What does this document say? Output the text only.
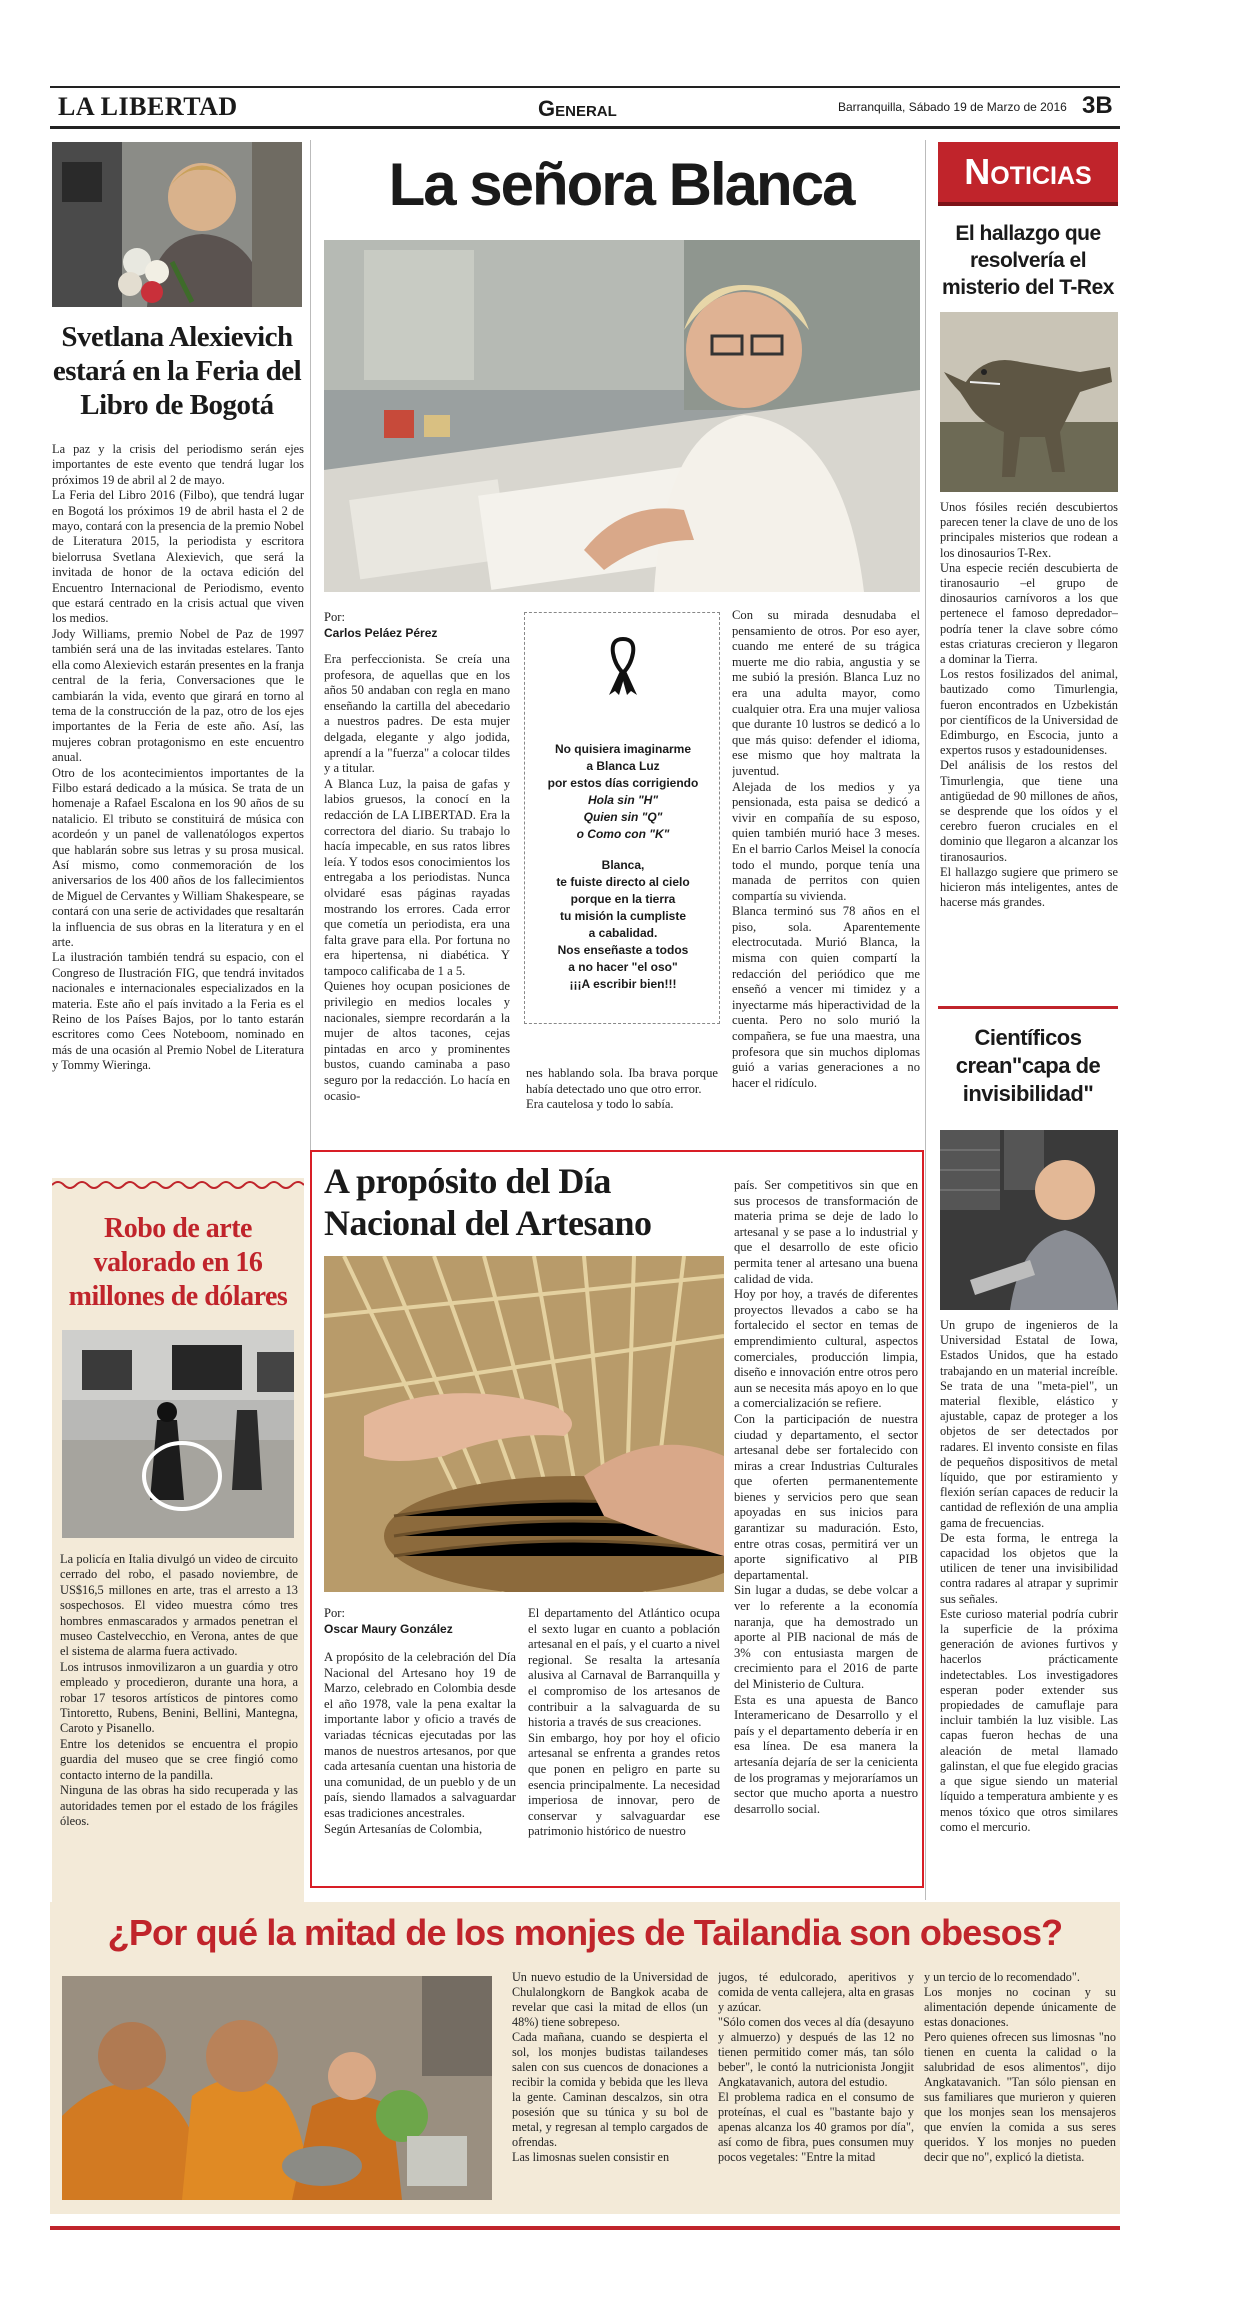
LA LIBERTAD	General	Barranquilla, Sábado 19 de Marzo de 2016 3B
Svetlana Alexievich estará en la Feria del Libro de Bogotá
La paz y la crisis del periodismo serán ejes importantes de este evento que tendrá lugar los próximos 19 de abril al 2 de mayo.
La Feria del Libro 2016 (Filbo), que tendrá lugar en Bogotá los próximos 19 de abril hasta el 2 de mayo, contará con la presencia de la premio Nobel de Literatura 2015, la periodista y escritora bielorrusa Svetlana Alexievich, que será la invitada de honor de la octava edición del Encuentro Internacional de Periodismo, evento que estará centrado en la crisis actual que viven los medios.
Jody Williams, premio Nobel de Paz de 1997 también será una de las invitadas estelares. Tanto ella como Alexievich estarán presentes en la franja central de la feria, Conversaciones que le cambiarán la vida, evento que girará en torno al tema de la construcción de la paz, otro de los ejes importantes de la Feria de este año. Así, las mujeres cobran protagonismo en este encuentro anual.
Otro de los acontecimientos importantes de la Filbo estará dedicado a la música. Se trata de un homenaje a Rafael Escalona en los 90 años de su natalicio. El tributo se constituirá de música con acordeón y un panel de vallenatólogos expertos que hablarán sobre sus letras y su prosa musical. Así mismo, como conmemoración de los aniversarios de los 400 años de los fallecimientos de Miguel de Cervantes y William Shakespeare, se contará con una serie de actividades que resaltarán la influencia de sus obras en la literatura y en el arte.
La ilustración también tendrá su espacio, con el Congreso de Ilustración FIG, que tendrá invitados nacionales e internacionales especializados en la materia. Este año el país invitado a la Feria es el Reino de los Países Bajos, por lo tanto estarán escritores como Cees Noteboom, nominado en más de una ocasión al Premio Nobel de Literatura y Tommy Wieringa.
Robo de arte valorado en 16 millones de dólares
La policía en Italia divulgó un video de circuito cerrado del robo, el pasado noviembre, de US$16,5 millones en arte, tras el arresto a 13 sospechosos. El video muestra cómo tres hombres enmascarados y armados penetran el museo Castelvecchio, en Verona, antes de que el sistema de alarma fuera activado.
Los intrusos inmovilizaron a un guardia y otro empleado y procedieron, durante una hora, a robar 17 tesoros artísticos de pintores como Tintoretto, Rubens, Benini, Bellini, Mantegna, Caroto y Pisanello.
Entre los detenidos se encuentra el propio guardia del museo que se cree fingió como contacto interno de la pandilla.
Ninguna de las obras ha sido recuperada y las autoridades temen por el estado de los frágiles óleos.
La señora Blanca
Por:
Carlos Peláez Pérez
Era perfeccionista. Se creía una profesora, de aquellas que en los años 50 andaban con regla en mano enseñando la cartilla del abecedario a nuestros padres. De esta mujer delgada, elegante y algo jodida, aprendí a la "fuerza" a colocar tildes y a titular.
A Blanca Luz, la paisa de gafas y labios gruesos, la conocí en la redacción de LA LIBERTAD. Era la correctora del diario. Su trabajo lo hacía impecable, en sus ratos libres leía. Y todos esos conocimientos los entregaba a los periodistas. Nunca olvidaré esas páginas rayadas mostrando los errores. Cada error que cometía un periodista, era una falta grave para ella. Por fortuna no era hipertensa, ni diabética. Y tampoco calificaba de 1 a 5.
Quienes hoy ocupan posiciones de privilegio en medios locales y nacionales, siempre recordarán a la mujer de altos tacones, cejas pintadas en arco y prominentes bustos, cuando caminaba a paso seguro por la redacción. Lo hacía en ocasio-
No quisiera imaginarme
a Blanca Luz
por estos días corrigiendo
Hola sin "H"
Quien sin "Q"
o Como con "K"
Blanca,
te fuiste directo al cielo
porque en la tierra
tu misión la cumpliste
a cabalidad.
Nos enseñaste a todos
a no hacer "el oso"
¡¡¡A escribir bien!!!
nes hablando sola. Iba brava porque había detectado uno que otro error.
Era cautelosa y todo lo sabía.
Con su mirada desnudaba el pensamiento de otros. Por eso ayer, cuando me enteré de su trágica muerte me dio rabia, angustia y se me subió la presión. Blanca Luz no era una adulta mayor, como cualquier otra. Era una mujer valiosa que durante 10 lustros se dedicó a lo que más quiso: defender el idioma, ese mismo que hoy maltrata la juventud.
Alejada de los medios y ya pensionada, esta paisa se dedicó a vivir en compañía de su esposo, quien también murió hace 3 meses. En el barrio Carlos Meisel la conocía todo el mundo, porque tenía una manada de perritos con quien compartía su vivienda.
Blanca terminó sus 78 años en el piso, sola. Aparentemente electrocutada. Murió Blanca, la misma con quien compartí la redacción del periódico que me enseñó a vencer mi timidez y a inyectarme más hiperactividad de la cuenta. Pero no solo murió la compañera, se fue una maestra, una profesora que sin muchos diplomas guió a varias generaciones a no hacer el ridículo.
A propósito del Día Nacional del Artesano
Por:
Oscar Maury González
A propósito de la celebración del Día Nacional del Artesano hoy 19 de Marzo, celebrado en Colombia desde el año 1978, vale la pena exaltar la importante labor y oficio a través de variadas técnicas ejecutadas por las manos de nuestros artesanos, por que cada artesanía cuentan una historia de una comunidad, de un pueblo y de un país, siendo llamados a salvaguardar esas tradiciones ancestrales.
Según Artesanías de Colombia,
El departamento del Atlántico ocupa el sexto lugar en cuanto a población artesanal en el país, y el cuarto a nivel regional. Se resalta la artesanía alusiva al Carnaval de Barranquilla y el compromiso de los artesanos de contribuir a la salvaguarda de su historia a través de sus creaciones.
Sin embargo, hoy por hoy el oficio artesanal se enfrenta a grandes retos que ponen en peligro en parte su esencia principalmente. La necesidad imperiosa de innovar, pero de conservar y salvaguardar ese patrimonio histórico de nuestro
país. Ser competitivos sin que en sus procesos de transformación de materia prima se deje de lado lo artesanal y se pase a lo industrial y que el desarrollo de este oficio permita tener al artesano una buena calidad de vida.
Hoy por hoy, a través de diferentes proyectos llevados a cabo se ha fortalecido el sector en temas de emprendimiento cultural, aspectos comerciales, producción limpia, diseño e innovación entre otros pero aun se necesita más apoyo en lo que a comercialización se refiere.
Con la participación de nuestra ciudad y departamento, el sector artesanal debe ser fortalecido con miras a crear Industrias Culturales que oferten permanentemente bienes y servicios pero que sean apoyadas en sus inicios para garantizar su maduración. Esto, entre otras cosas, permitirá ver un aporte significativo al PIB departamental.
Sin lugar a dudas, se debe volcar a ver lo referente a la economía naranja, que ha demostrado un aporte al PIB nacional de más de 3% con entusiasta margen de crecimiento para el 2016 de parte del Ministerio de Cultura.
Esta es una apuesta de Banco Interamericano de Desarrollo y el país y el departamento debería ir en esa línea. De esa manera la artesanía dejaría de ser la cenicienta de los programas y mejoraríamos un sector que mucho aporta a nuestro desarrollo social.
Noticias
El hallazgo que resolvería el misterio del T-Rex
Unos fósiles recién descubiertos parecen tener la clave de uno de los principales misterios que rodean a los dinosaurios T-Rex.
Una especie recién descubierta de tiranosaurio –el grupo de dinosaurios carnívoros a los que pertenece el famoso depredador– podría tener la clave sobre cómo estas criaturas crecieron y llegaron a dominar la Tierra.
Los restos fosilizados del animal, bautizado como Timurlengia, fueron encontrados en Uzbekistán por científicos de la Universidad de Edimburgo, en Escocia, junto a expertos rusos y estadounidenses.
Del análisis de los restos del Timurlengia, que tiene una antigüedad de 90 millones de años, se desprende que los oídos y el cerebro fueron cruciales en el dominio que llegaron a alcanzar los tiranosaurios.
El hallazgo sugiere que primero se hicieron más inteligentes, antes de hacerse más grandes.
Científicos crean"capa de invisibilidad"
Un grupo de ingenieros de la Universidad Estatal de Iowa, Estados Unidos, que ha estado trabajando en un material increíble. Se trata de una "meta-piel", un material flexible, elástico y ajustable, capaz de proteger a los objetos de ser detectados por radares. El invento consiste en filas de pequeños dispositivos de metal líquido, que por estiramiento y flexión serían capaces de reducir la cantidad de reflexión de una amplia gama de frecuencias.
De esta forma, le entrega la capacidad los objetos que la utilicen de tener una invisibilidad contra radares al atrapar y suprimir sus señales.
Este curioso material podría cubrir la superficie de la próxima generación de aviones furtivos y hacerlos prácticamente indetectables. Los investigadores esperan poder extender sus propiedades de camuflaje para incluir también la luz visible. Las capas fueron hechas de una aleación de metal llamado galinstan, el que fue elegido gracias a que sigue siendo un material líquido a temperatura ambiente y es menos tóxico que otros similares como el mercurio.
¿Por qué la mitad de los monjes de Tailandia son obesos?
Un nuevo estudio de la Universidad de Chulalongkorn de Bangkok acaba de revelar que casi la mitad de ellos (un 48%) tiene sobrepeso.
Cada mañana, cuando se despierta el sol, los monjes budistas tailandeses salen con sus cuencos de donaciones a recibir la comida y bebida que les lleva la gente. Caminan descalzos, sin otra posesión que su túnica y su bol de metal, y regresan al templo cargados de ofrendas.
Las limosnas suelen consistir en
jugos, té edulcorado, aperitivos y comida de venta callejera, alta en grasas y azúcar.
"Sólo comen dos veces al día (desayuno y almuerzo) y después de las 12 no tienen permitido comer más, tan sólo beber", le contó la nutricionista Jongjit Angkatavanich, autora del estudio.
El problema radica en el consumo de proteínas, el cual es "bastante bajo y apenas alcanza los 40 gramos por día", así como de fibra, pues consumen muy pocos vegetales: "Entre la mitad
y un tercio de lo recomendado".
Los monjes no cocinan y su alimentación depende únicamente de estas donaciones.
Pero quienes ofrecen sus limosnas "no tienen en cuenta la calidad o la salubridad de esos alimentos", dijo Angkatavanich. "Tan sólo piensan en sus familiares que murieron y quieren que los monjes sean los mensajeros que envíen la comida a sus seres queridos. Y los monjes no pueden decir que no", explicó la dietista.
